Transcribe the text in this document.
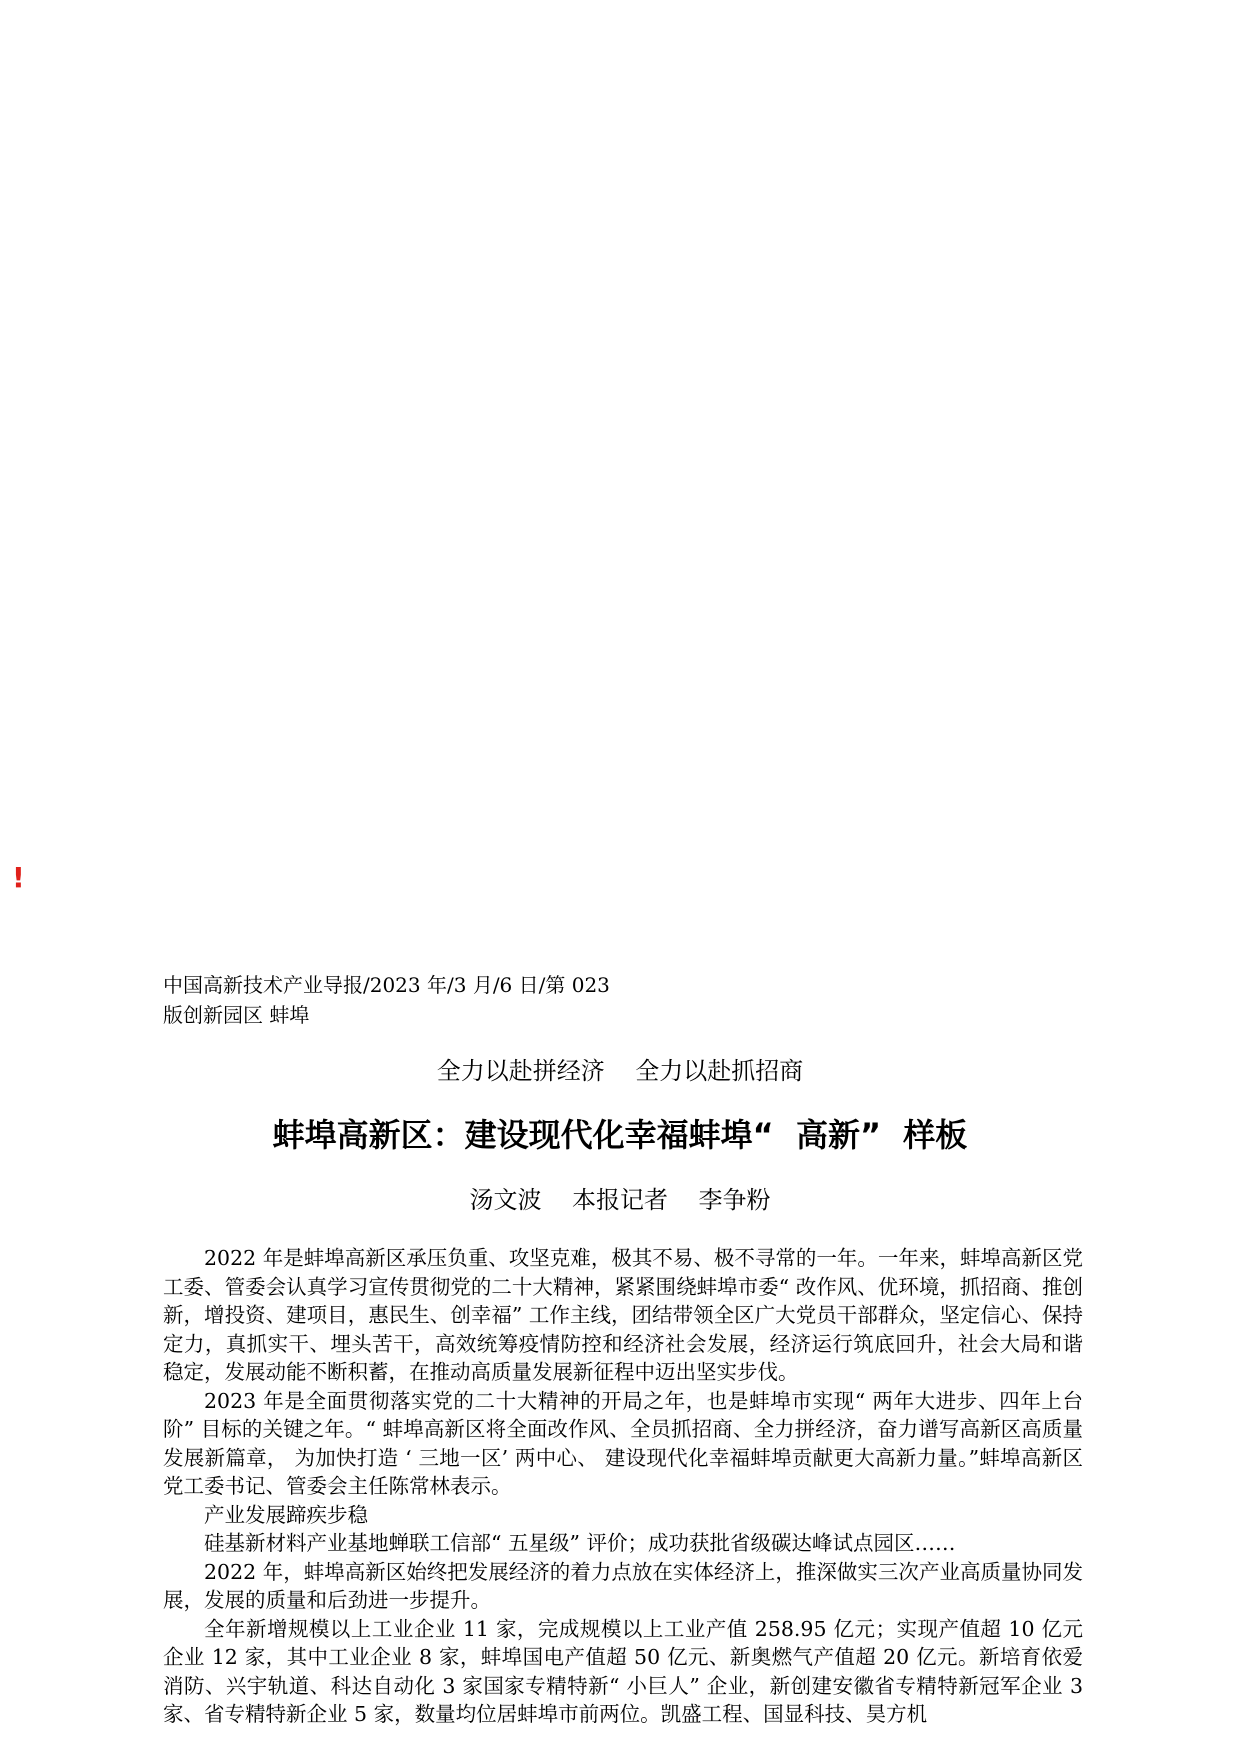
!
中国高新技术产业导报/2023 年/3 月/6 日/第 023
版创新园区 蚌埠
全力以赴拼经济    全力以赴抓招商
蚌埠高新区：建设现代化幸福蚌埠“  高新”  样板
汤文波    本报记者    李争粉

2022 年是蚌埠高新区承压负重、攻坚克难，极其不易、极不寻常的一年。一年来，蚌埠高新区党工委、管委会认真学习宣传贯彻党的二十大精神，紧紧围绕蚌埠市委“ 改作风、优环境，抓招商、推创新，增投资、建项目，惠民生、创幸福” 工作主线，团结带领全区广大党员干部群众，坚定信心、保持定力，真抓实干、埋头苦干，高效统筹疫情防控和经济社会发展，经济运行筑底回升，社会大局和谐稳定，发展动能不断积蓄，在推动高质量发展新征程中迈出坚实步伐。

2023 年是全面贯彻落实党的二十大精神的开局之年，也是蚌埠市实现“ 两年大进步、四年上台阶” 目标的关键之年。“ 蚌埠高新区将全面改作风、全员抓招商、全力拼经济，奋力谱写高新区高质量发展新篇章， 为加快打造 ‘ 三地一区’ 两中心、 建设现代化幸福蚌埠贡献更大高新力量。”蚌埠高新区党工委书记、管委会主任陈常林表示。

产业发展蹄疾步稳

硅基新材料产业基地蝉联工信部“ 五星级” 评价；成功获批省级碳达峰试点园区……

2022 年，蚌埠高新区始终把发展经济的着力点放在实体经济上，推深做实三次产业高质量协同发展，发展的质量和后劲进一步提升。

全年新增规模以上工业企业 11 家，完成规模以上工业产值 258.95 亿元；实现产值超 10 亿元企业 12 家，其中工业企业 8 家，蚌埠国电产值超 50 亿元、新奥燃气产值超 20 亿元。新培育依爱消防、兴宇轨道、科达自动化 3 家国家专精特新“ 小巨人” 企业，新创建安徽省专精特新冠军企业 3 家、省专精特新企业 5 家，数量均位居蚌埠市前两位。凯盛工程、国显科技、昊方机
